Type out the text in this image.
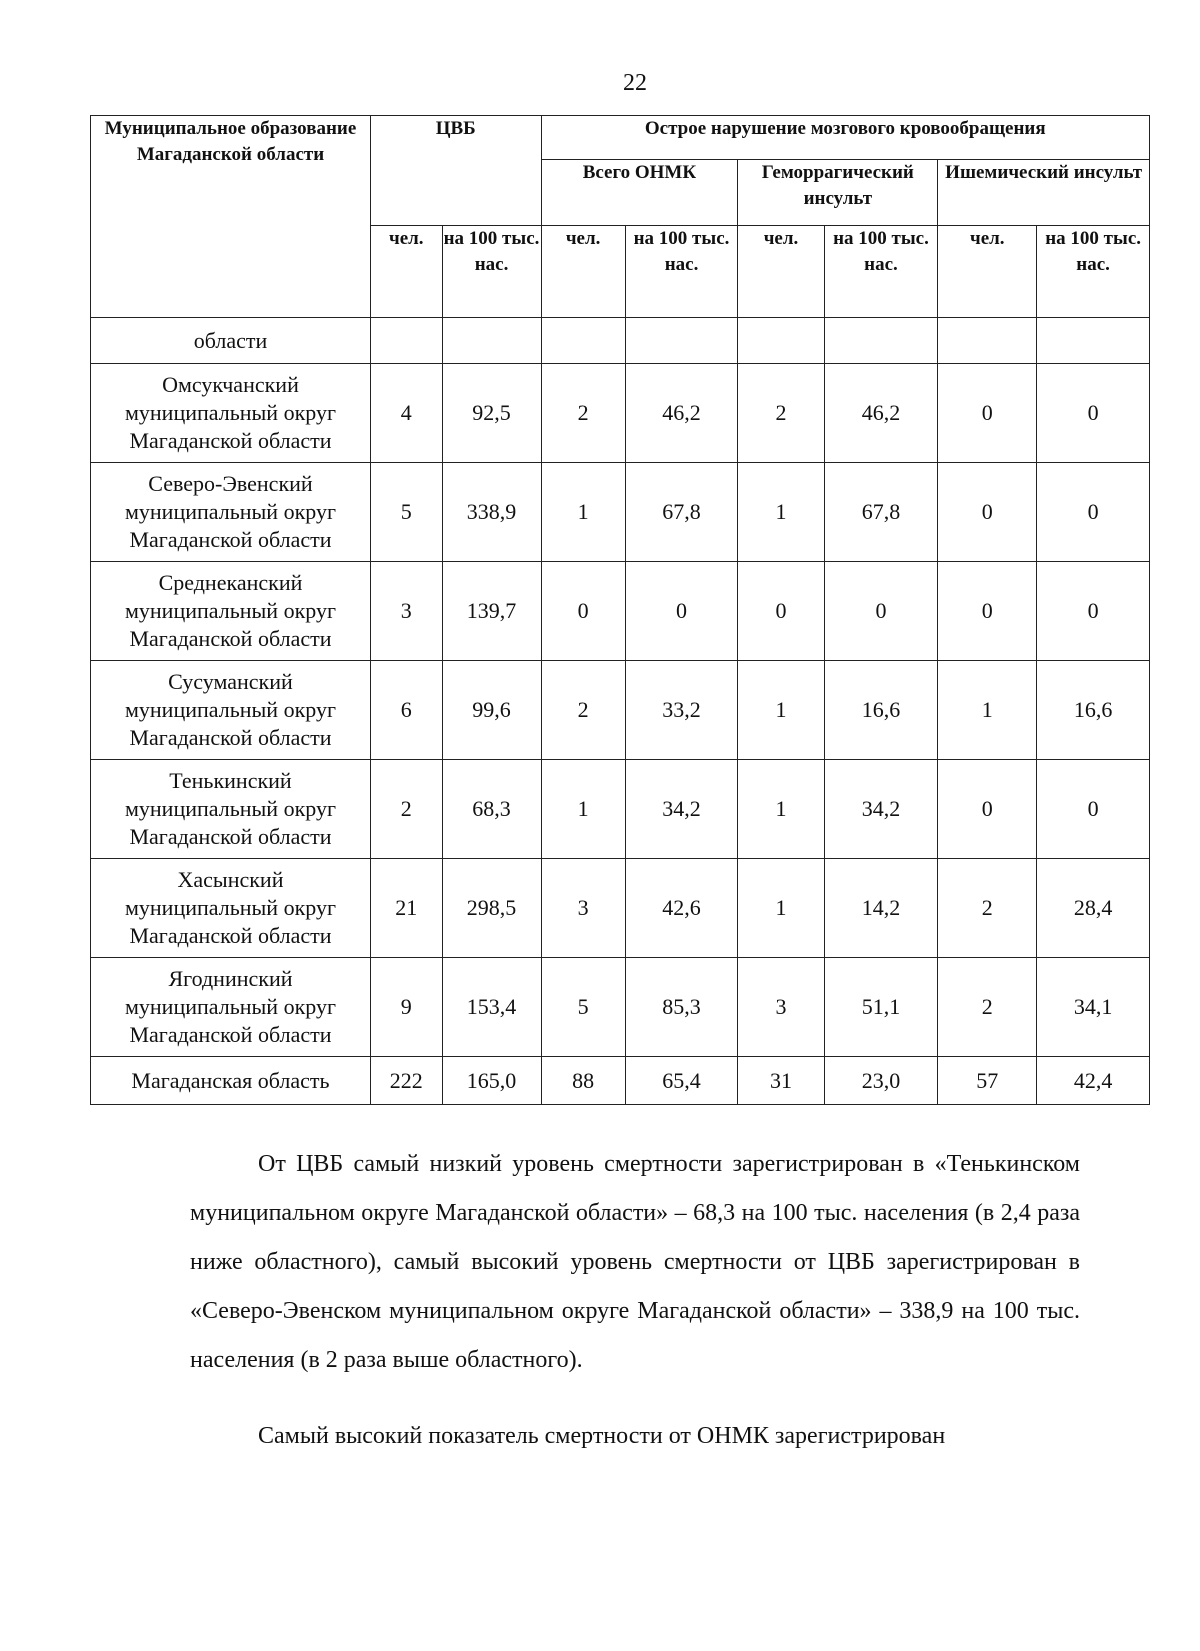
22
Муниципальное образование Магаданской области	ЦВБ		Острое нарушение мозгового кровообращения					
			Всего ОНМК		Геморрагический инсульт		Ишемический инсульт	
	чел.	на 100 тыс. нас.	чел.	на 100 тыс. нас.	чел.	на 100 тыс. нас.	чел.	на 100 тыс. нас.
области								

Омсукчанский
муниципальный округ
Магаданской области	4	92,5	2	46,2	2	46,2	0	0

Северо-Эвенский
муниципальный округ
Магаданской области	5	338,9	1	67,8	1	67,8	0	0

Среднеканский
муниципальный округ
Магаданской области	3	139,7	0	0	0	0	0	0

Сусуманский
муниципальный округ
Магаданской области	6	99,6	2	33,2	1	16,6	1	16,6

Тенькинский
муниципальный округ
Магаданской области	2	68,3	1	34,2	1	34,2	0	0

Хасынский
муниципальный округ
Магаданской области	21	298,5	3	42,6	1	14,2	2	28,4

Ягоднинский
муниципальный округ
Магаданской области	9	153,4	5	85,3	3	51,1	2	34,1
Магаданская область	222	165,0	88	65,4	31	23,0	57	42,4
От ЦВБ самый низкий уровень смертности зарегистрирован в «Тенькинском муниципальном округе Магаданской области» – 68,3 на 100 тыс. населения (в 2,4 раза ниже областного), самый высокий уровень смертности от ЦВБ зарегистрирован в «Северо-Эвенском муниципальном округе Магаданской области» – 338,9 на 100 тыс. населения (в 2 раза выше областного).
Самый высокий показатель смертности от ОНМК зарегистрирован
